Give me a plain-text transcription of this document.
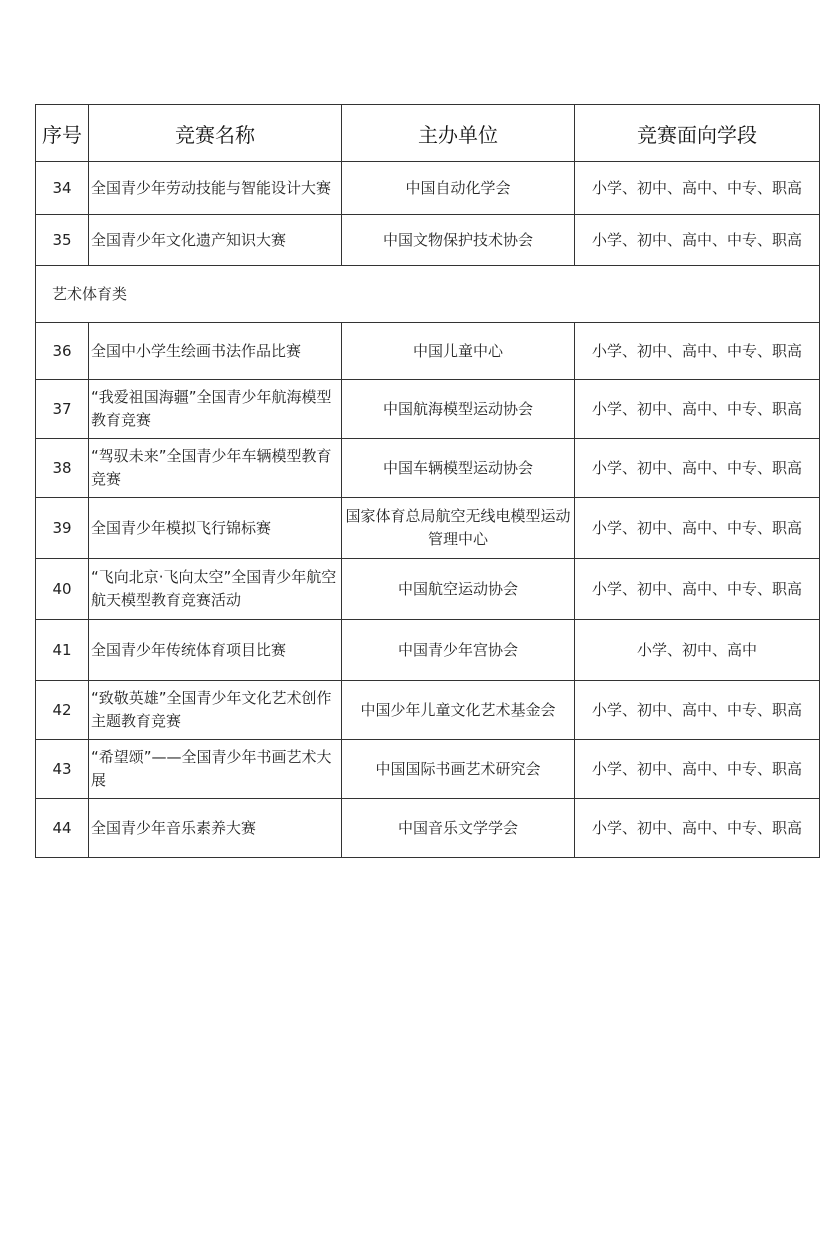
序号	竞赛名称	主办单位	竞赛面向学段
34	全国青少年劳动技能与智能设计大赛	中国自动化学会	小学、初中、高中、中专、职高
35	全国青少年文化遗产知识大赛	中国文物保护技术协会	小学、初中、高中、中专、职高
艺术体育类			
36	全国中小学生绘画书法作品比赛	中国儿童中心	小学、初中、高中、中专、职高
37	“我爱祖国海疆”全国青少年航海模型教育竞赛	中国航海模型运动协会	小学、初中、高中、中专、职高
38	“驾驭未来”全国青少年车辆模型教育竞赛	中国车辆模型运动协会	小学、初中、高中、中专、职高
39	全国青少年模拟飞行锦标赛	国家体育总局航空无线电模型运动管理中心	小学、初中、高中、中专、职高
40	“飞向北京·飞向太空”全国青少年航空航天模型教育竞赛活动	中国航空运动协会	小学、初中、高中、中专、职高
41	全国青少年传统体育项目比赛	中国青少年宫协会	小学、初中、高中
42	“致敬英雄”全国青少年文化艺术创作主题教育竞赛	中国少年儿童文化艺术基金会	小学、初中、高中、中专、职高
43	“希望颂”——全国青少年书画艺术大展	中国国际书画艺术研究会	小学、初中、高中、中专、职高
44	全国青少年音乐素养大赛	中国音乐文学学会	小学、初中、高中、中专、职高
